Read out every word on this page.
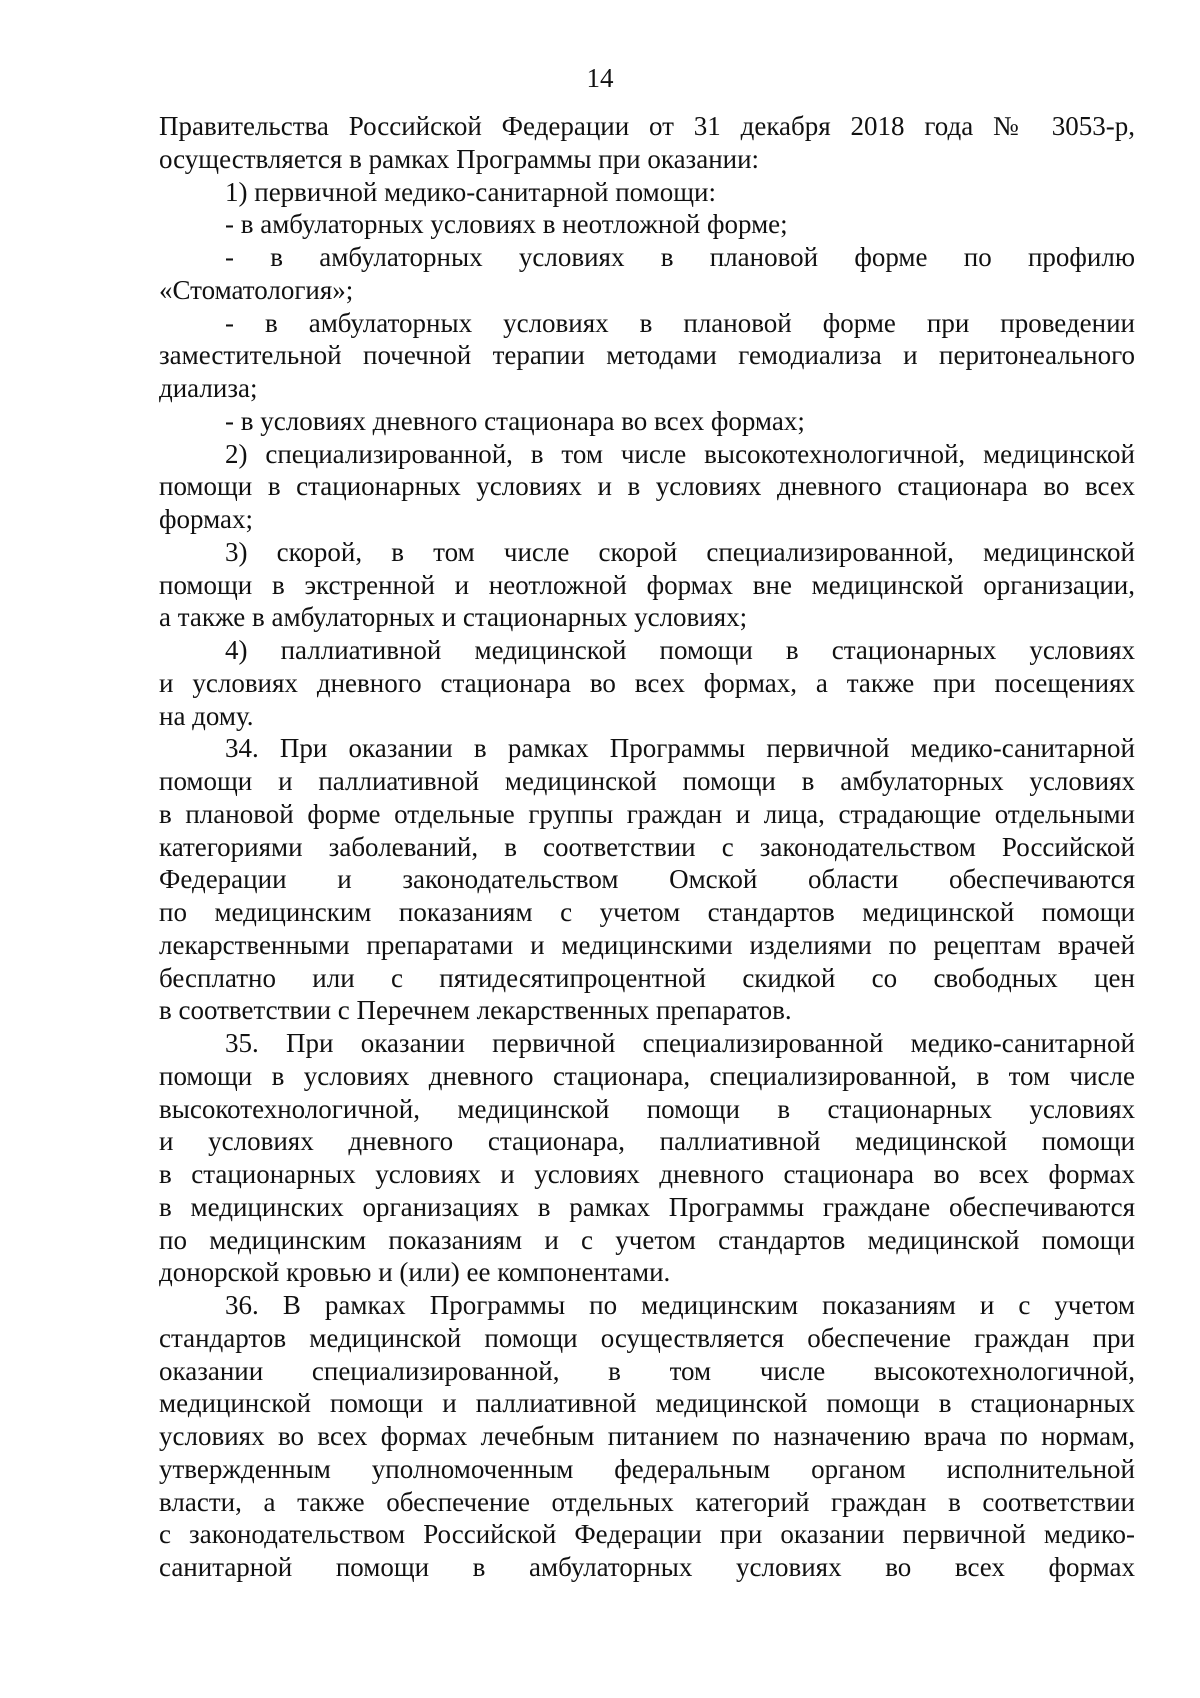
14
Правительства Российской Федерации от 31 декабря 2018 года № 3053-р,
осуществляется в рамках Программы при оказании:
1) первичной медико-санитарной помощи:
- в амбулаторных условиях в неотложной форме;
- в амбулаторных условиях в плановой форме по профилю
«Стоматология»;
- в амбулаторных условиях в плановой форме при проведении
заместительной почечной терапии методами гемодиализа и перитонеального
диализа;
- в условиях дневного стационара во всех формах;
2) специализированной, в том числе высокотехнологичной, медицинской
помощи в стационарных условиях и в условиях дневного стационара во всех
формах;
3) скорой, в том числе скорой специализированной, медицинской
помощи в экстренной и неотложной формах вне медицинской организации,
а также в амбулаторных и стационарных условиях;
4) паллиативной медицинской помощи в стационарных условиях
и условиях дневного стационара во всех формах, а также при посещениях
на дому.
34. При оказании в рамках Программы первичной медико-санитарной
помощи и паллиативной медицинской помощи в амбулаторных условиях
в плановой форме отдельные группы граждан и лица, страдающие отдельными
категориями заболеваний, в соответствии с законодательством Российской
Федерации и законодательством Омской области обеспечиваются
по медицинским показаниям с учетом стандартов медицинской помощи
лекарственными препаратами и медицинскими изделиями по рецептам врачей
бесплатно или с пятидесятипроцентной скидкой со свободных цен
в соответствии с Перечнем лекарственных препаратов.
35. При оказании первичной специализированной медико-санитарной
помощи в условиях дневного стационара, специализированной, в том числе
высокотехнологичной, медицинской помощи в стационарных условиях
и условиях дневного стационара, паллиативной медицинской помощи
в стационарных условиях и условиях дневного стационара во всех формах
в медицинских организациях в рамках Программы граждане обеспечиваются
по медицинским показаниям и с учетом стандартов медицинской помощи
донорской кровью и (или) ее компонентами.
36. В рамках Программы по медицинским показаниям и с учетом
стандартов медицинской помощи осуществляется обеспечение граждан при
оказании специализированной, в том числе высокотехнологичной,
медицинской помощи и паллиативной медицинской помощи в стационарных
условиях во всех формах лечебным питанием по назначению врача по нормам,
утвержденным уполномоченным федеральным органом исполнительной
власти, а также обеспечение отдельных категорий граждан в соответствии
с законодательством Российской Федерации при оказании первичной медико-
санитарной помощи в амбулаторных условиях во всех формах
